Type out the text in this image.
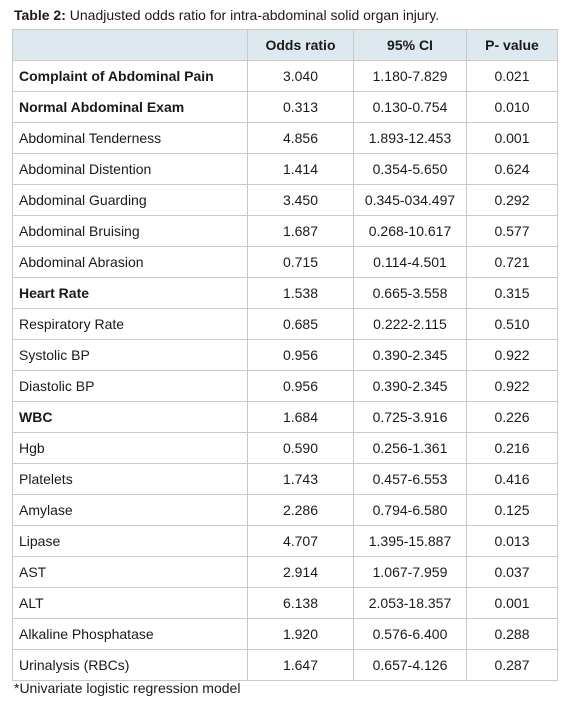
Table 2: Unadjusted odds ratio for intra-abdominal solid organ injury.
	Odds ratio	95% CI	P- value
Complaint of Abdominal Pain	3.040	1.180-7.829	0.021
Normal Abdominal Exam	0.313	0.130-0.754	0.010
Abdominal Tenderness	4.856	1.893-12.453	0.001
Abdominal Distention	1.414	0.354-5.650	0.624
Abdominal Guarding	3.450	0.345-034.497	0.292
Abdominal Bruising	1.687	0.268-10.617	0.577
Abdominal Abrasion	0.715	0.114-4.501	0.721
Heart Rate	1.538	0.665-3.558	0.315
Respiratory Rate	0.685	0.222-2.115	0.510
Systolic BP	0.956	0.390-2.345	0.922
Diastolic BP	0.956	0.390-2.345	0.922
WBC	1.684	0.725-3.916	0.226
Hgb	0.590	0.256-1.361	0.216
Platelets	1.743	0.457-6.553	0.416
Amylase	2.286	0.794-6.580	0.125
Lipase	4.707	1.395-15.887	0.013
AST	2.914	1.067-7.959	0.037
ALT	6.138	2.053-18.357	0.001
Alkaline Phosphatase	1.920	0.576-6.400	0.288
Urinalysis (RBCs)	1.647	0.657-4.126	0.287
*Univariate logistic regression model
